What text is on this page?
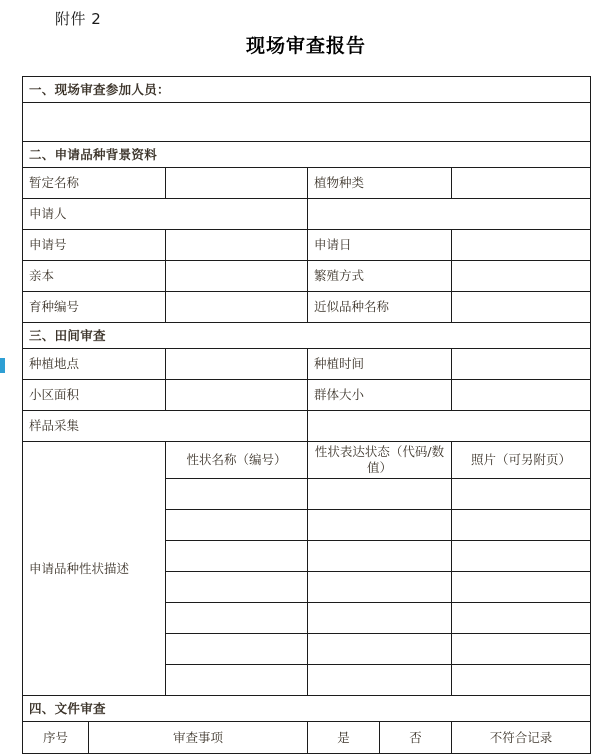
附件 2
现场审查报告
一、现场审查参加人员：					

二、申请品种背景资料					
暂定名称			植物种类		
申请人					
申请号			申请日		
亲本			繁殖方式		
育种编号			近似品种名称		
三、田间审查					
种植地点			种植时间		
小区面积			群体大小		
样品采集					
申请品种性状描述		性状名称（编号）	性状表达状态（代码/数值）		照片（可另附页）

四、文件审查					
序号	审查事项		是	否	不符合记录
